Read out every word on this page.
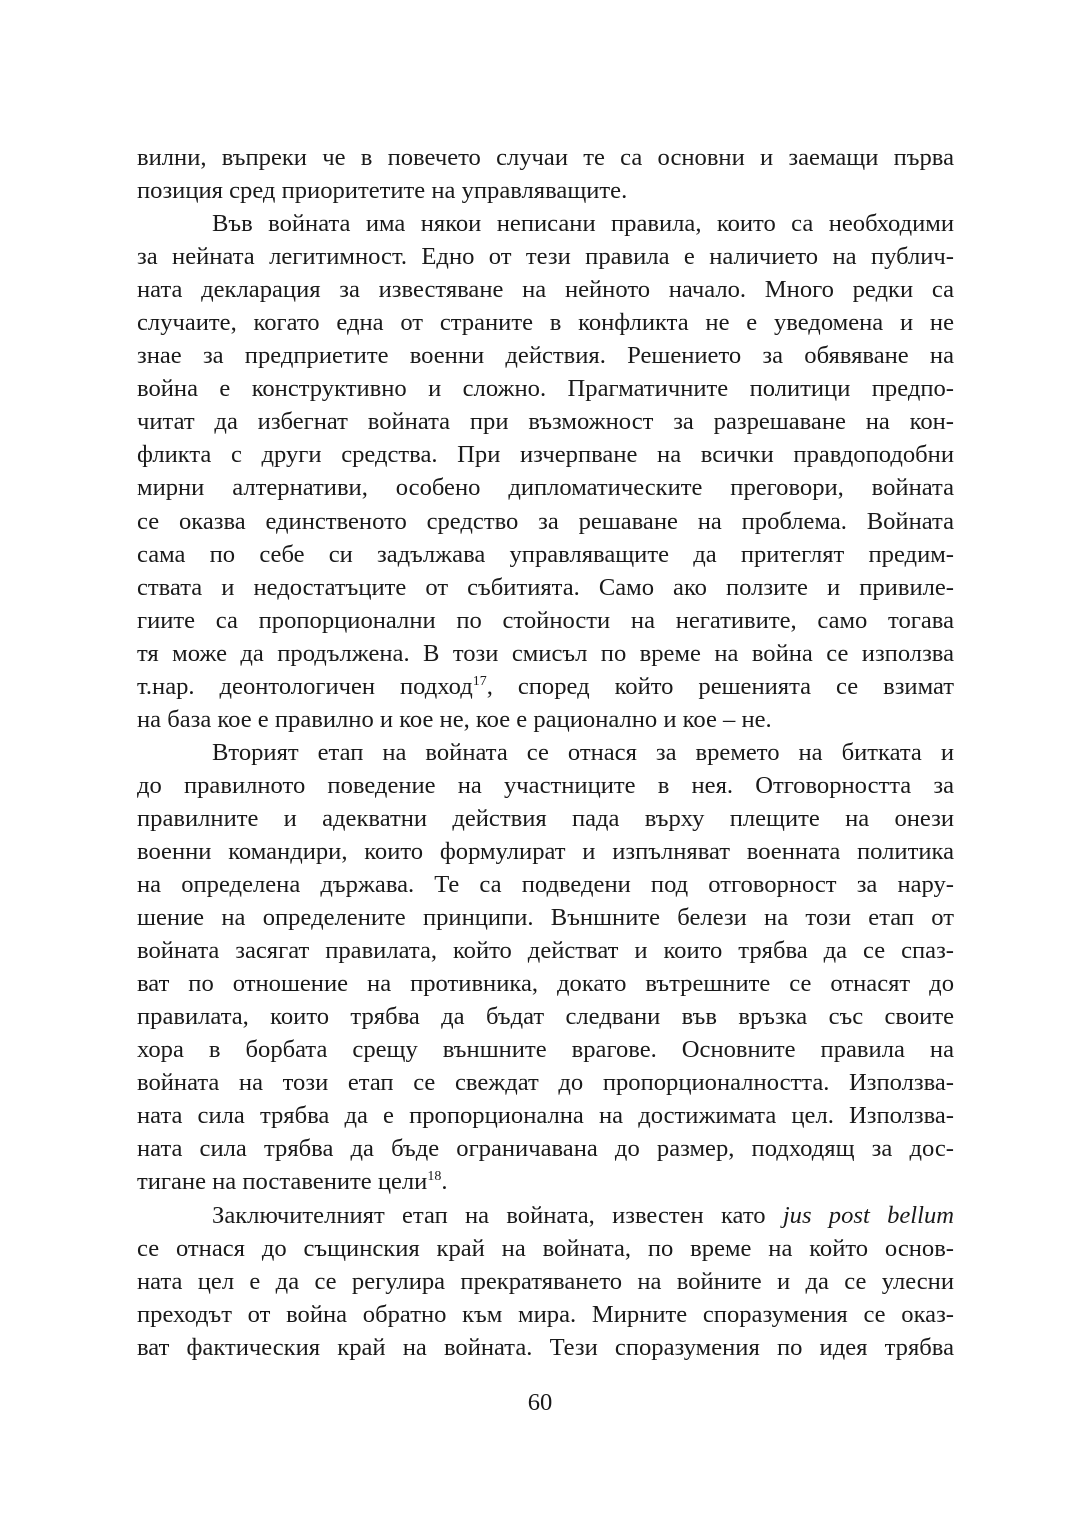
вилни, въпреки че в повечето случаи те са основни и заемащи първа
позиция сред приоритетите на управляващите.
Във войната има някои неписани правила, които са необходими
за нейната легитимност. Едно от тези правила е наличието на публич-
ната декларация за известяване на нейното начало. Много редки са
случаите, когато една от страните в конфликта не е уведомена и не
знае за предприетите военни действия. Решението за обявяване на
война е конструктивно и сложно. Прагматичните политици предпо-
читат да избегнат войната при възможност за разрешаване на кон-
фликта с други средства. При изчерпване на всички правдоподобни
мирни алтернативи, особено дипломатическите преговори, войната
се оказва единственото средство за решаване на проблема. Войната
сама по себе си задължава управляващите да притеглят предим-
ствата и недостатъците от събитията. Само ако ползите и привиле-
гиите са пропорционални по стойности на негативите, само тогава
тя може да продължена. В този смисъл по време на война се използва
т.нар. деонтологичен подход$^{17}$, според който решенията се взимат
на база кое е правилно и кое не, кое е рационално и кое – не.
Вторият етап на войната се отнася за времето на битката и
до правилното поведение на участниците в нея. Отговорността за
правилните и адекватни действия пада върху плещите на онези
военни командири, които формулират и изпълняват военната политика
на определена държава. Те са подведени под отговорност за нару-
шение на определените принципи. Външните белези на този етап от
войната засягат правилата, който действат и които трябва да се спаз-
ват по отношение на противника, докато вътрешните се отнасят до
правилата, които трябва да бъдат следвани във връзка със своите
хора в борбата срещу външните врагове. Основните правила на
войната на този етап се свеждат до пропорционалността. Използва-
ната сила трябва да е пропорционална на достижимата цел. Използва-
ната сила трябва да бъде ограничавана до размер, подходящ за дос-
тигане на поставените цели$^{18}$.
Заключителният етап на войната, известен като jus post bellum
се отнася до същинския край на войната, по време на който основ-
ната цел е да се регулира прекратяването на войните и да се улесни
преходът от война обратно към мира. Мирните споразумения се оказ-
ват фактическия край на войната. Тези споразумения по идея трябва
60
